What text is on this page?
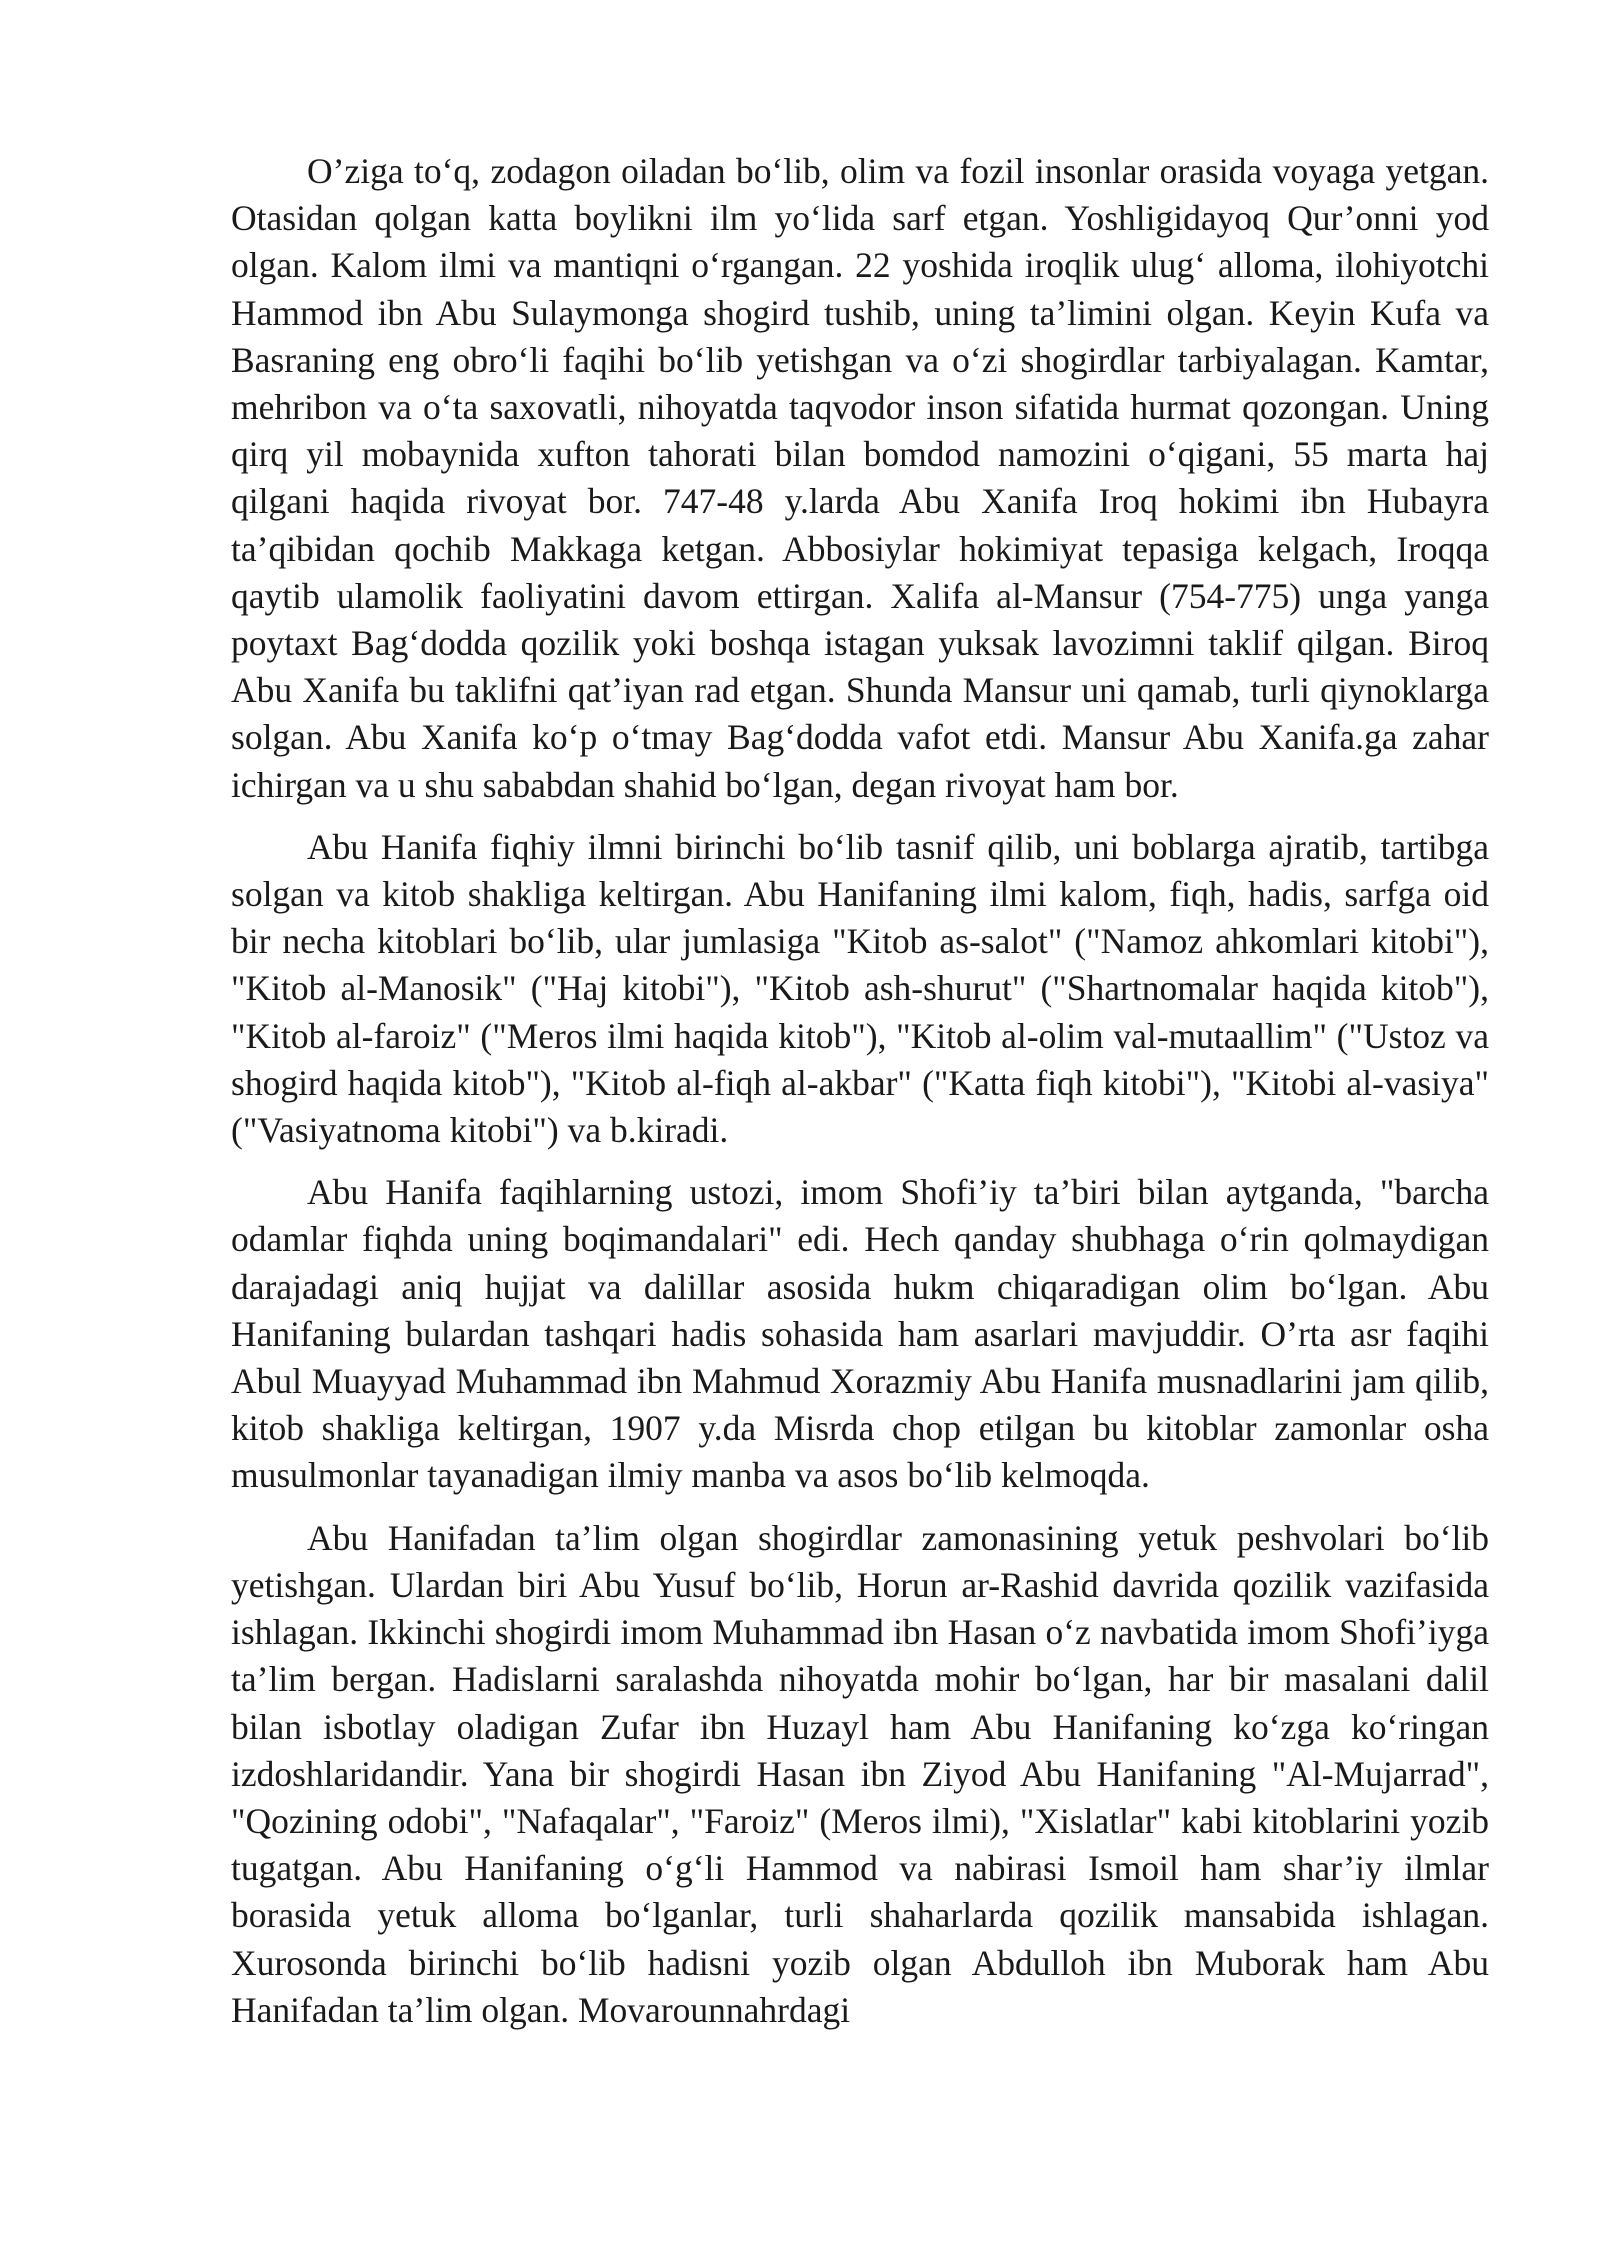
O’ziga to‘q, zodagon oiladan bo‘lib, olim va fozil insonlar orasida voyaga yetgan. Otasidan qolgan katta boylikni ilm yo‘lida sarf etgan. Yoshligidayoq Qur’onni yod olgan. Kalom ilmi va mantiqni o‘rgangan. 22 yoshida iroqlik ulug‘ alloma, ilohiyotchi Hammod ibn Abu Sulaymonga shogird tushib, uning ta’limini olgan. Keyin Kufa va Basraning eng obro‘li faqihi bo‘lib yetishgan va o‘zi shogirdlar tarbiyalagan. Kamtar, mehribon va o‘ta saxovatli, nihoyatda taqvodor inson sifatida hurmat qozongan. Uning qirq yil mobaynida xufton tahorati bilan bomdod namozini o‘qigani, 55 marta haj qilgani haqida rivoyat bor. 747-48 y.larda Abu Xanifa Iroq hokimi ibn Hubayra ta’qibidan qochib Makkaga ketgan. Abbosiylar hokimiyat tepasiga kelgach, Iroqqa qaytib ulamolik faoliyatini davom ettirgan. Xalifa al-Mansur (754-775) unga yanga poytaxt Bag‘dodda qozilik yoki boshqa istagan yuksak lavozimni taklif qilgan. Biroq Abu Xanifa bu taklifni qat’iyan rad etgan. Shunda Mansur uni qamab, turli qiynoklarga solgan. Abu Xanifa ko‘p o‘tmay Bag‘dodda vafot etdi. Mansur Abu Xanifa.ga zahar ichirgan va u shu sababdan shahid bo‘lgan, degan rivoyat ham bor.

Abu Hanifa fiqhiy ilmni birinchi bo‘lib tasnif qilib, uni boblarga ajratib, tartibga solgan va kitob shakliga keltirgan. Abu Hanifaning ilmi kalom, fiqh, hadis, sarfga oid bir necha kitoblari bo‘lib, ular jumlasiga "Kitob as-salot" ("Namoz ahkomlari kitobi"), "Kitob al-Manosik" ("Haj kitobi"), "Kitob ash-shurut" ("Shartnomalar haqida kitob"), "Kitob al-faroiz" ("Meros ilmi haqida kitob"), "Kitob al-olim val-mutaallim" ("Ustoz va shogird haqida kitob"), "Kitob al-fiqh al-akbar" ("Katta fiqh kitobi"), "Kitobi al-vasiya" ("Vasiyatnoma kitobi") va b.kiradi.

Abu Hanifa faqihlarning ustozi, imom Shofi’iy ta’biri bilan aytganda, "barcha odamlar fiqhda uning boqimandalari" edi. Hech qanday shubhaga o‘rin qolmaydigan darajadagi aniq hujjat va dalillar asosida hukm chiqaradigan olim bo‘lgan. Abu Hanifaning bulardan tashqari hadis sohasida ham asarlari mavjuddir. O’rta asr faqihi Abul Muayyad Muhammad ibn Mahmud Xorazmiy Abu Hanifa musnadlarini jam qilib, kitob shakliga keltirgan, 1907 y.da Misrda chop etilgan bu kitoblar zamonlar osha musulmonlar tayanadigan ilmiy manba va asos bo‘lib kelmoqda.

Abu Hanifadan ta’lim olgan shogirdlar zamonasining yetuk peshvolari bo‘lib yetishgan. Ulardan biri Abu Yusuf bo‘lib, Horun ar-Rashid davrida qozilik vazifasida ishlagan. Ikkinchi shogirdi imom Muhammad ibn Hasan o‘z navbatida imom Shofi’iyga ta’lim bergan. Hadislarni saralashda nihoyatda mohir bo‘lgan, har bir masalani dalil bilan isbotlay oladigan Zufar ibn Huzayl ham Abu Hanifaning ko‘zga ko‘ringan izdoshlaridandir. Yana bir shogirdi Hasan ibn Ziyod Abu Hanifaning "Al-Mujarrad", "Qozining odobi", "Nafaqalar", "Faroiz" (Meros ilmi), "Xislatlar" kabi kitoblarini yozib tugatgan. Abu Hanifaning o‘g‘li Hammod va nabirasi Ismoil ham shar’iy ilmlar borasida yetuk alloma bo‘lganlar, turli shaharlarda qozilik mansabida ishlagan. Xurosonda birinchi bo‘lib hadisni yozib olgan Abdulloh ibn Muborak ham Abu Hanifadan ta’lim olgan. Movarounnahrdagi
